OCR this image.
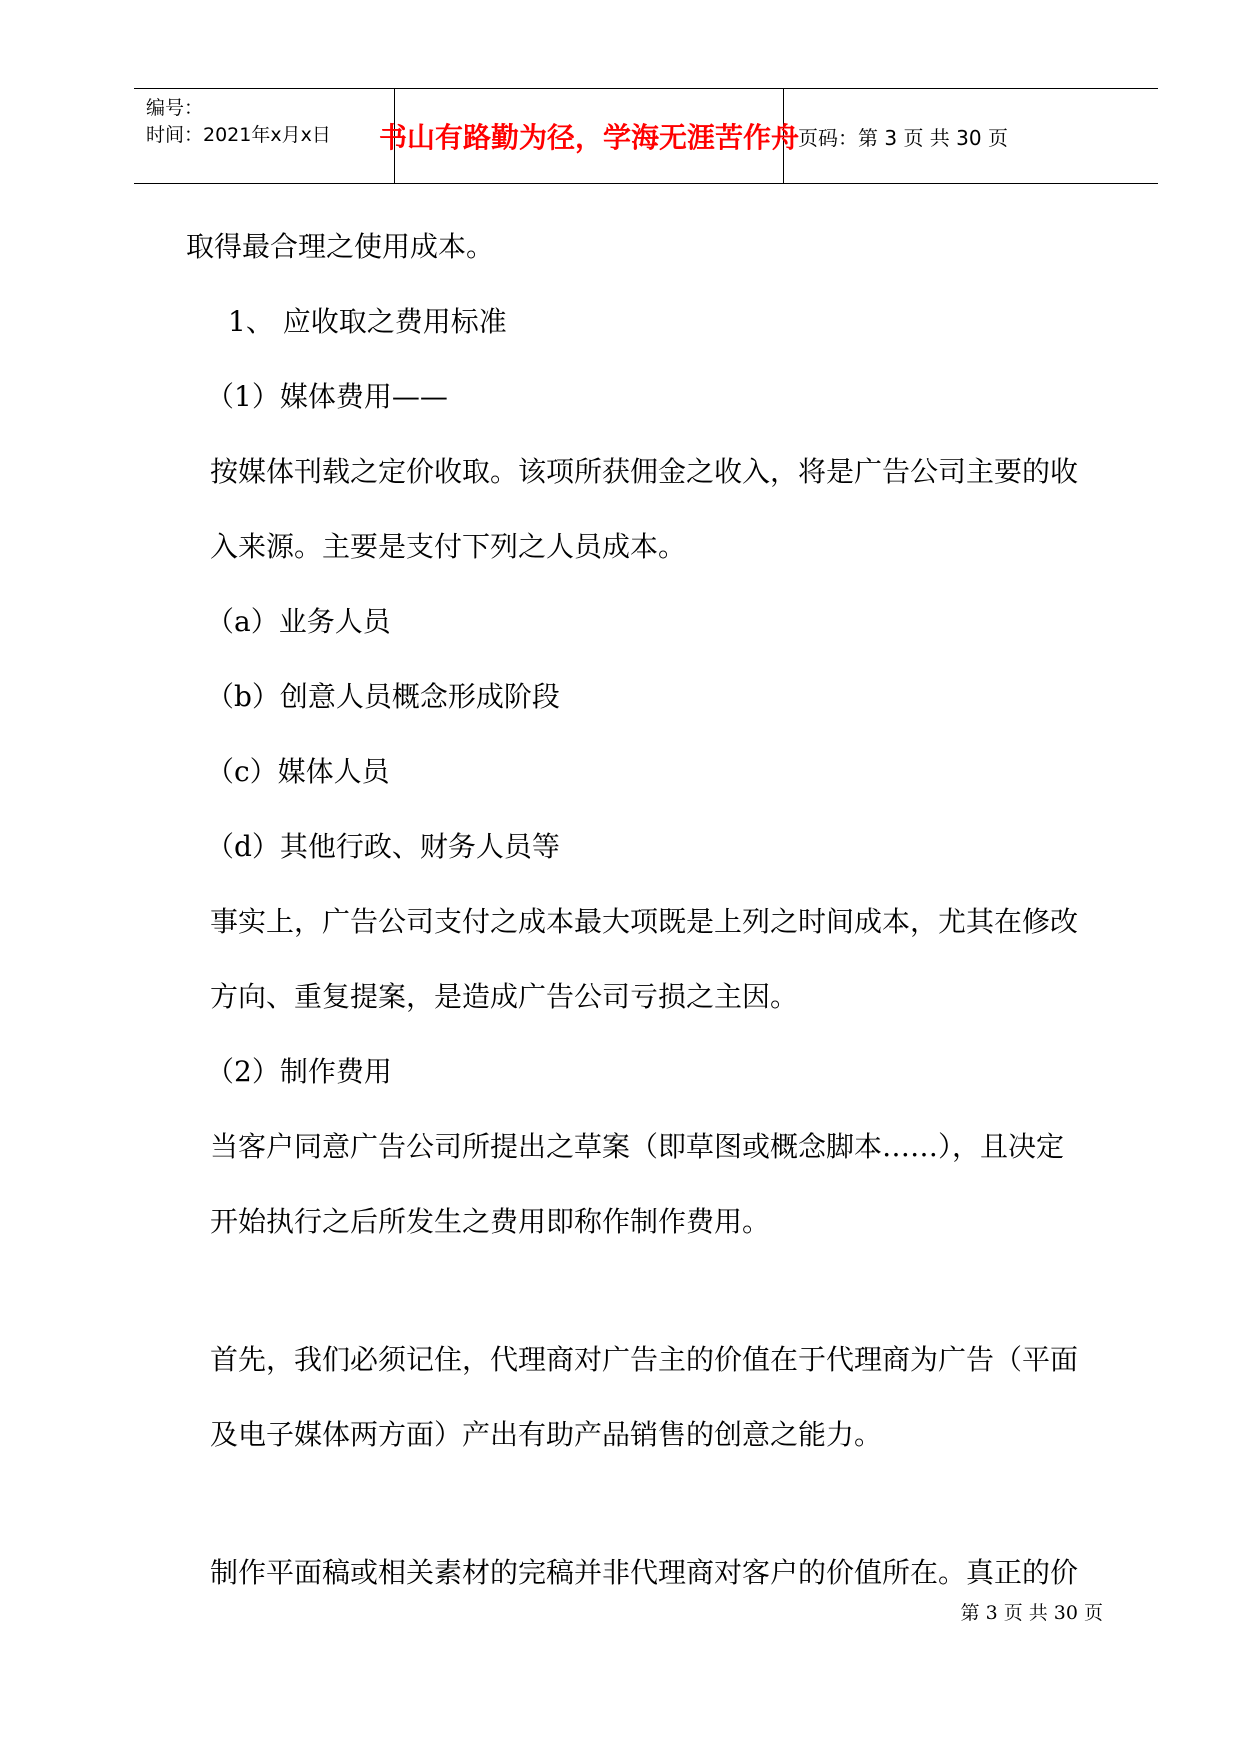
编号：
时间：2021年x月x日 书山有路勤为径，学海无涯苦作舟
页码：第 3 页 共 30 页
取得最合理之使用成本。
1、 应收取之费用标准
（1）媒体费用——
按媒体刊载之定价收取。该项所获佣金之收入，将是广告公司主要的收
入来源。主要是支付下列之人员成本。
（a）业务人员
（b）创意人员概念形成阶段
（c）媒体人员
（d）其他行政、财务人员等
事实上，广告公司支付之成本最大项既是上列之时间成本，尤其在修改
方向、重复提案，是造成广告公司亏损之主因。
（2）制作费用
当客户同意广告公司所提出之草案（即草图或概念脚本……），且决定
开始执行之后所发生之费用即称作制作费用。
首先，我们必须记住，代理商对广告主的价值在于代理商为广告（平面
及电子媒体两方面）产出有助产品销售的创意之能力。
制作平面稿或相关素材的完稿并非代理商对客户的价值所在。真正的价
第 3 页 共 30 页
